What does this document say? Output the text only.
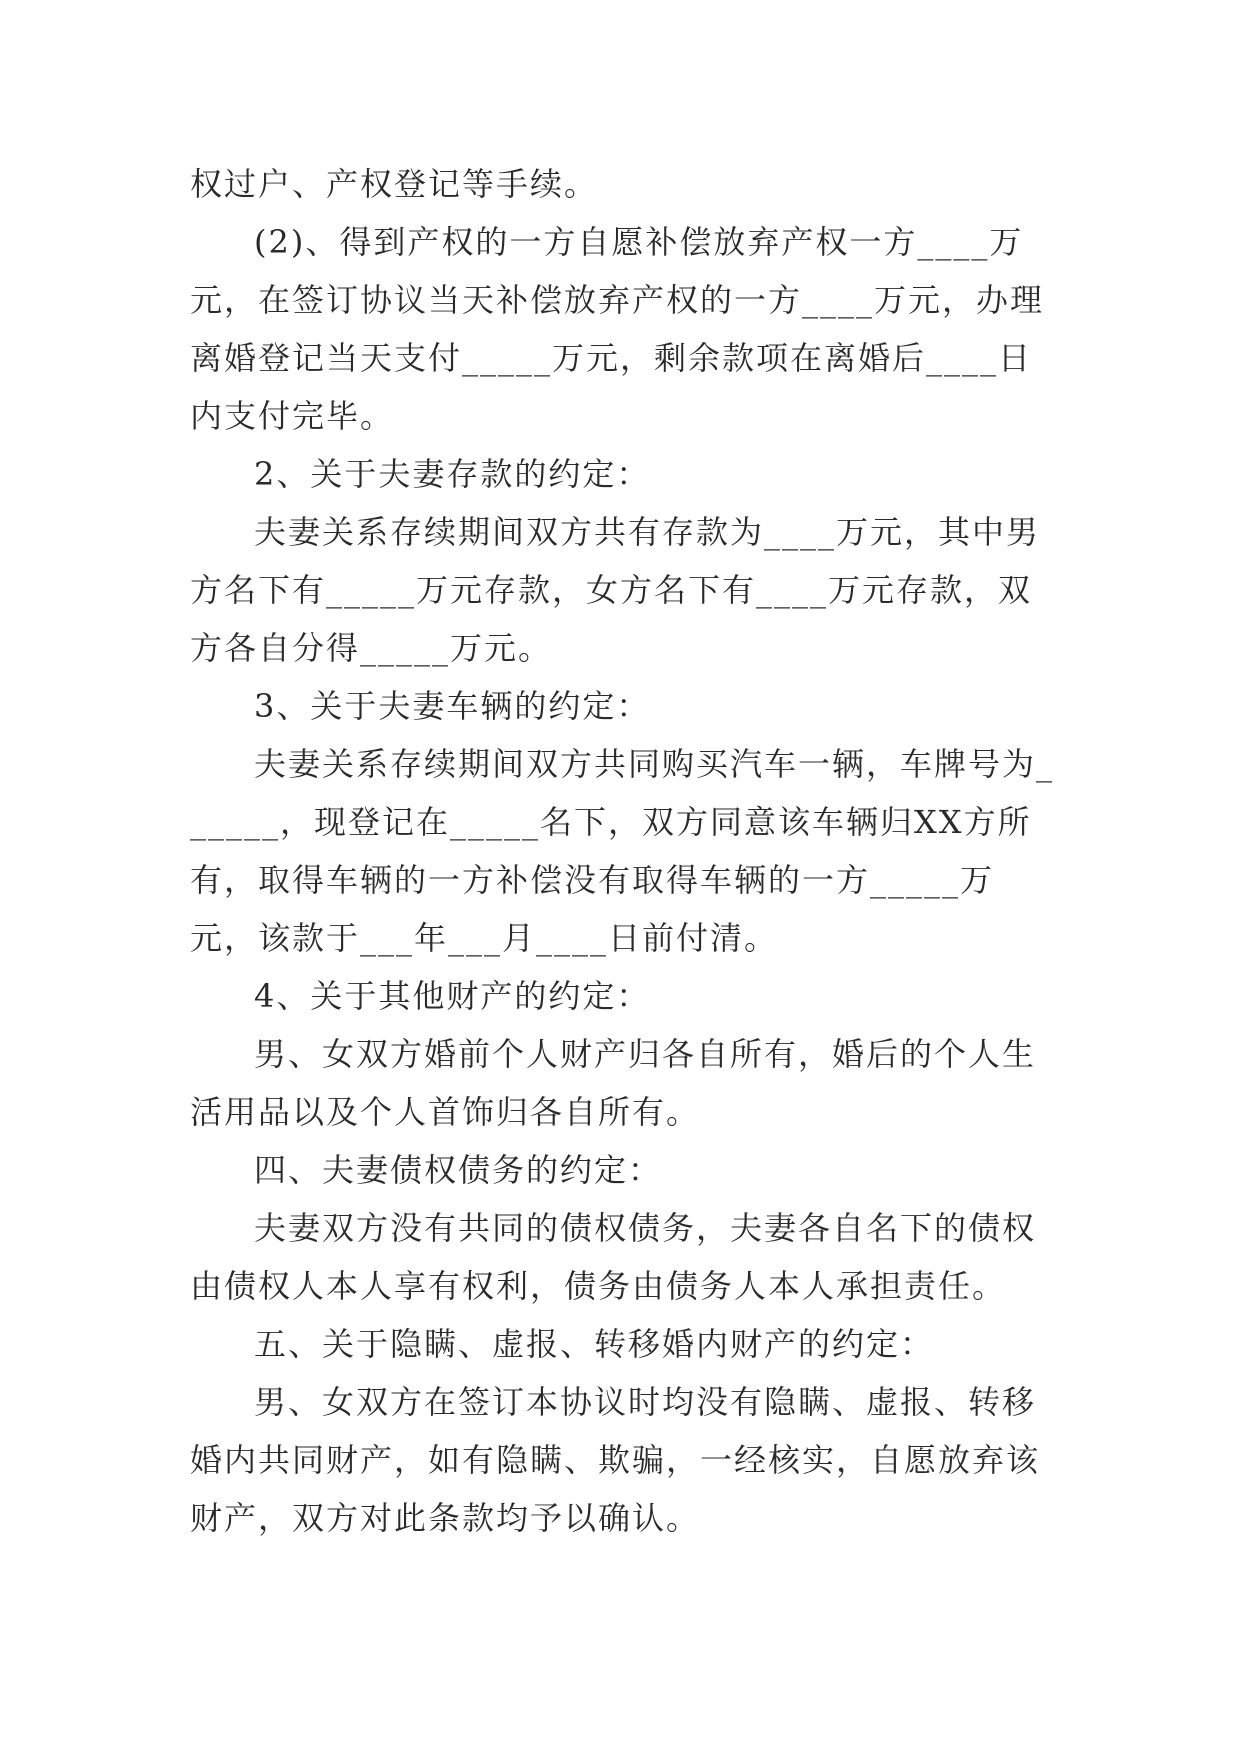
权过户、产权登记等手续。

(2)、得到产权的一方自愿补偿放弃产权一方____万元，在签订协议当天补偿放弃产权的一方____万元，办理离婚登记当天支付_____万元，剩余款项在离婚后____日内支付完毕。

2、关于夫妻存款的约定：

夫妻关系存续期间双方共有存款为____万元，其中男方名下有_____万元存款，女方名下有____万元存款，双方各自分得_____万元。

3、关于夫妻车辆的约定：

夫妻关系存续期间双方共同购买汽车一辆，车牌号为______，现登记在_____名下，双方同意该车辆归XX方所有，取得车辆的一方补偿没有取得车辆的一方_____万元，该款于___年___月____日前付清。

4、关于其他财产的约定：

男、女双方婚前个人财产归各自所有，婚后的个人生活用品以及个人首饰归各自所有。

四、夫妻债权债务的约定：

夫妻双方没有共同的债权债务，夫妻各自名下的债权由债权人本人享有权利，债务由债务人本人承担责任。

五、关于隐瞒、虚报、转移婚内财产的约定：

男、女双方在签订本协议时均没有隐瞒、虚报、转移婚内共同财产，如有隐瞒、欺骗，一经核实，自愿放弃该财产，双方对此条款均予以确认。
